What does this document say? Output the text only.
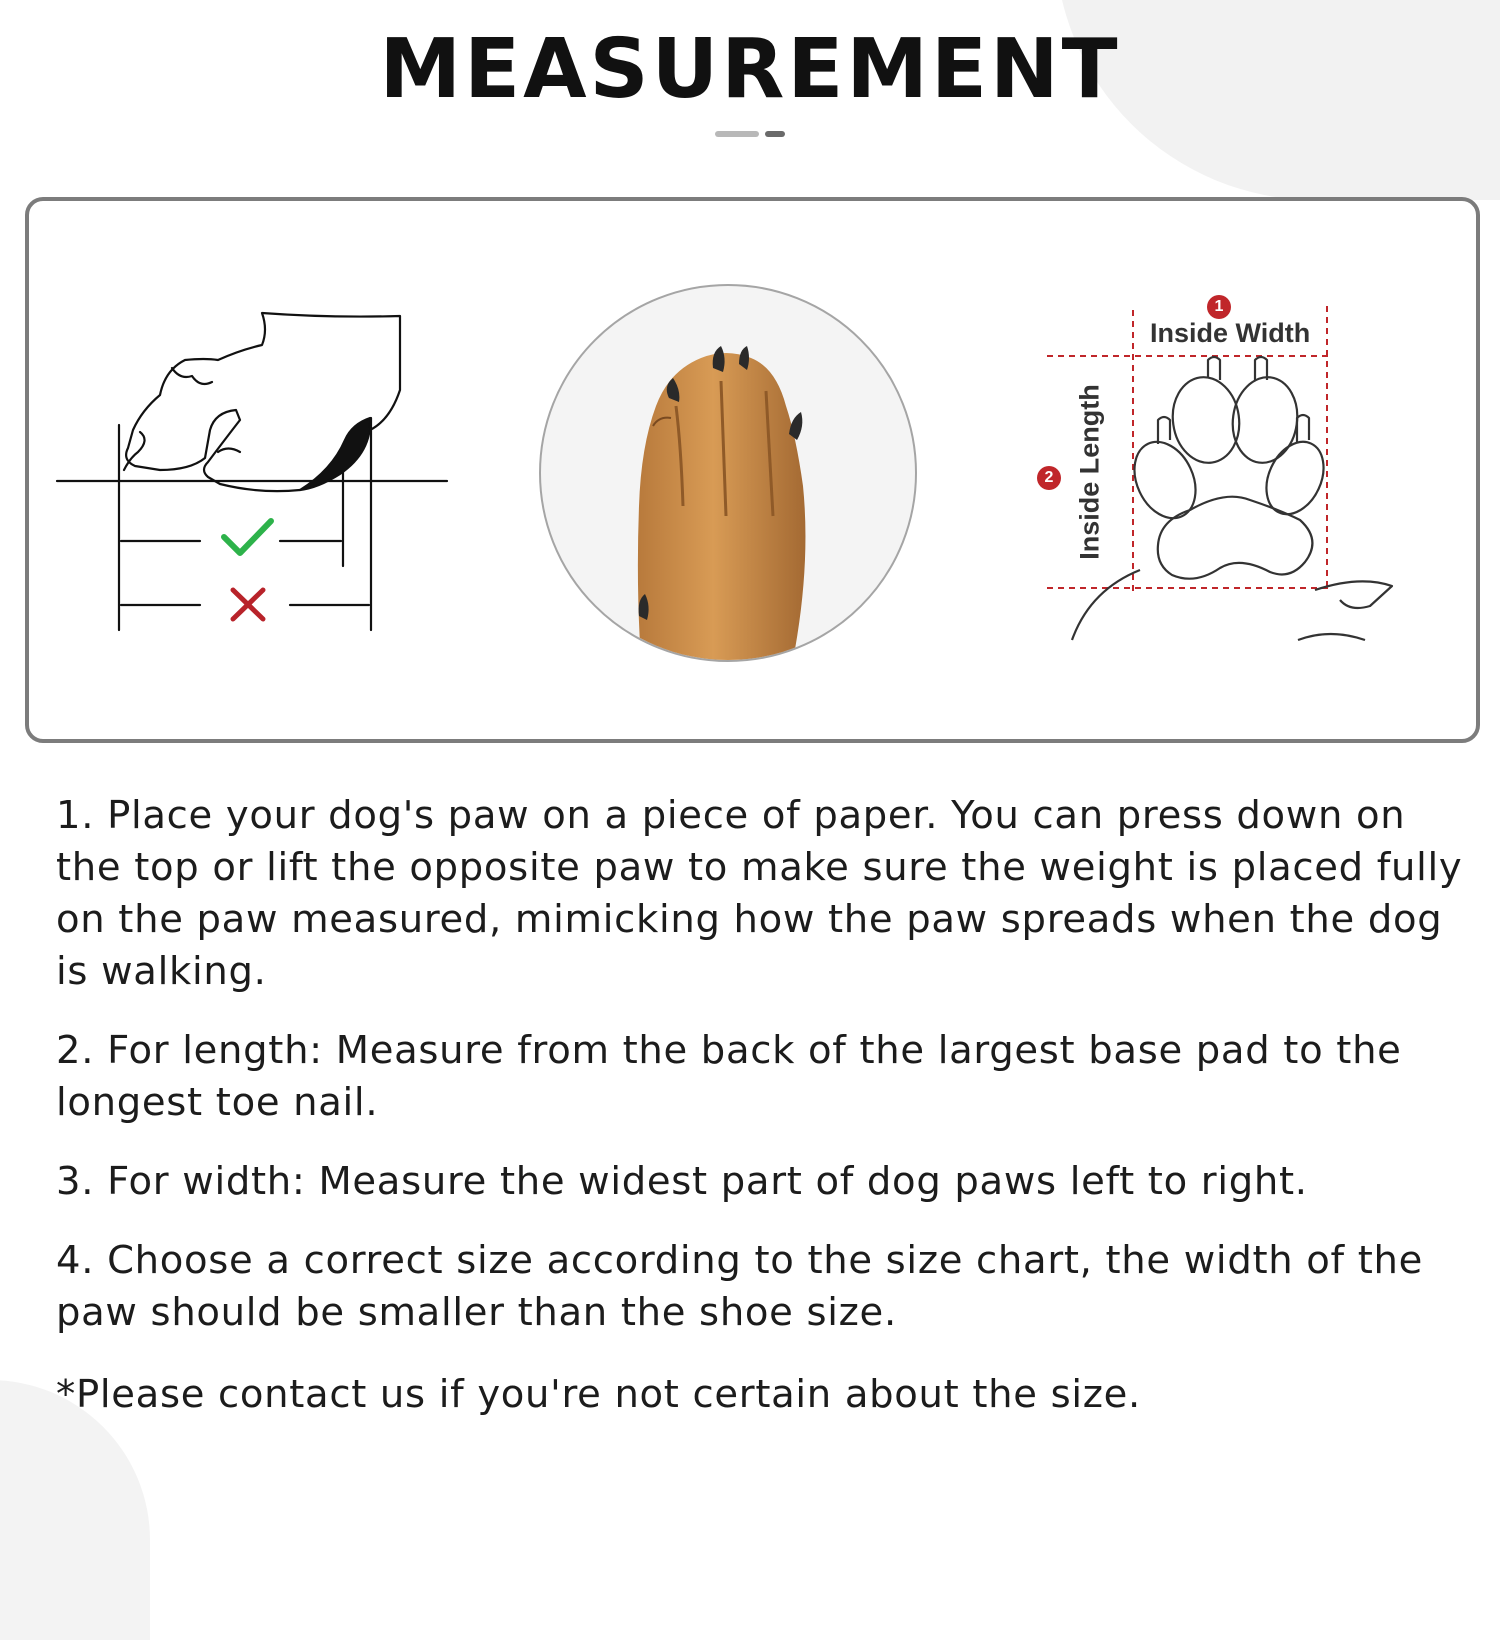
MEASUREMENT
1
Inside Width
2 Inside Length

1. Place your dog's paw on a piece of paper. You can press down on the top or lift the opposite paw to make sure the weight is placed fully on the paw measured, mimicking how the paw spreads when the dog is walking.

2. For length: Measure from the back of the largest base pad to the longest toe nail.

3. For width: Measure the widest part of dog paws left to right.

4. Choose a correct size according to the size chart, the width of the paw should be smaller than the shoe size.

*Please contact us if you're not certain about the size.
